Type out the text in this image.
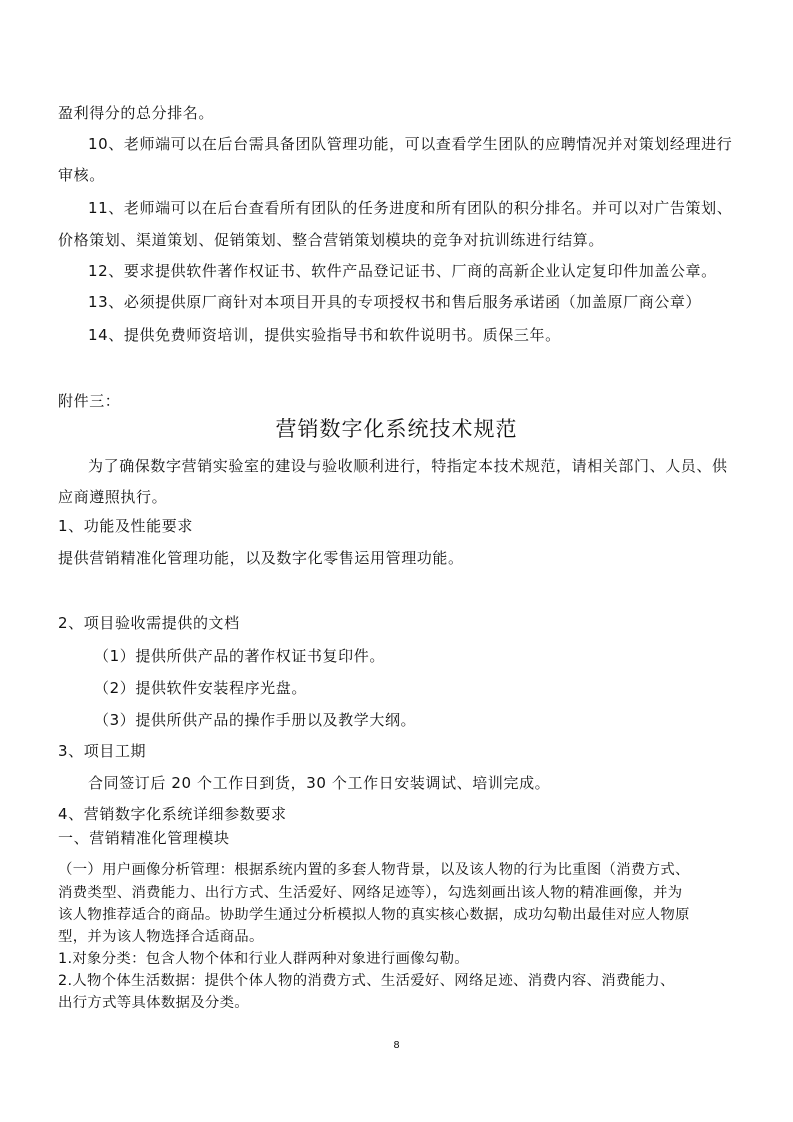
盈利得分的总分排名。
10、老师端可以在后台需具备团队管理功能，可以查看学生团队的应聘情况并对策划经理进行
审核。
11、老师端可以在后台查看所有团队的任务进度和所有团队的积分排名。并可以对广告策划、
价格策划、渠道策划、促销策划、整合营销策划模块的竞争对抗训练进行结算。
12、要求提供软件著作权证书、软件产品登记证书、厂商的高新企业认定复印件加盖公章。
13、必须提供原厂商针对本项目开具的专项授权书和售后服务承诺函（加盖原厂商公章）
14、提供免费师资培训，提供实验指导书和软件说明书。质保三年。
附件三：
营销数字化系统技术规范
为了确保数字营销实验室的建设与验收顺利进行，特指定本技术规范，请相关部门、人员、供
应商遵照执行。
1、功能及性能要求
提供营销精准化管理功能，以及数字化零售运用管理功能。
2、项目验收需提供的文档
（1）提供所供产品的著作权证书复印件。
（2）提供软件安装程序光盘。
（3）提供所供产品的操作手册以及教学大纲。
3、项目工期
合同签订后 20 个工作日到货，30 个工作日安装调试、培训完成。
4、营销数字化系统详细参数要求
一、营销精准化管理模块
（一）用户画像分析管理：根据系统内置的多套人物背景，以及该人物的行为比重图（消费方式、
消费类型、消费能力、出行方式、生活爱好、网络足迹等），勾选刻画出该人物的精准画像，并为
该人物推荐适合的商品。协助学生通过分析模拟人物的真实核心数据，成功勾勒出最佳对应人物原
型，并为该人物选择合适商品。
1.对象分类：包含人物个体和行业人群两种对象进行画像勾勒。
2.人物个体生活数据：提供个体人物的消费方式、生活爱好、网络足迹、消费内容、消费能力、
出行方式等具体数据及分类。
8
